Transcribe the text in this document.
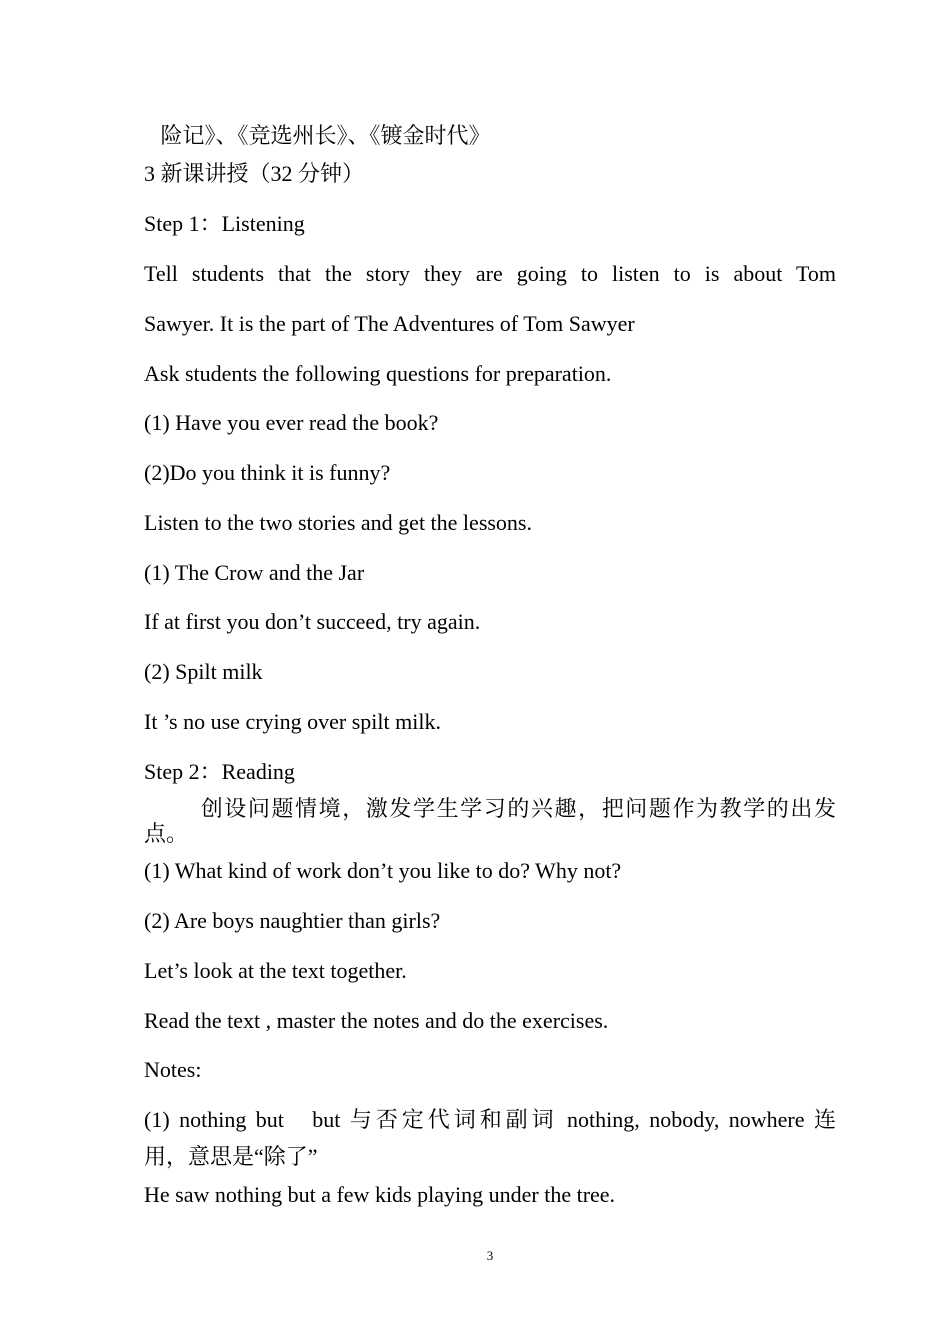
险记》、《竞选州长》、《镀金时代》
3 新课讲授（32 分钟）
Step 1：Listening
Tell students that the story they are going to listen to is about Tom
Sawyer. It is the part of The Adventures of Tom Sawyer
Ask students the following questions for preparation.
(1) Have you ever read the book?
(2)Do you think it is funny?
Listen to the two stories and get the lessons.
(1) The Crow and the Jar
If at first you don’t succeed, try again.
(2) Spilt milk
It ’s no use crying over spilt milk.
Step 2：Reading
创设问题情境，激发学生学习的兴趣，把问题作为教学的出发
点。
(1) What kind of work don’t you like to do? Why not?
(2) Are boys naughtier than girls?
Let’s look at the text together.
Read the text , master the notes and do the exercises.
Notes:
(1) nothing but   but 与否定代词和副词 nothing, nobody, nowhere 连
用，意思是“除了”
He saw nothing but a few kids playing under the tree.
3
